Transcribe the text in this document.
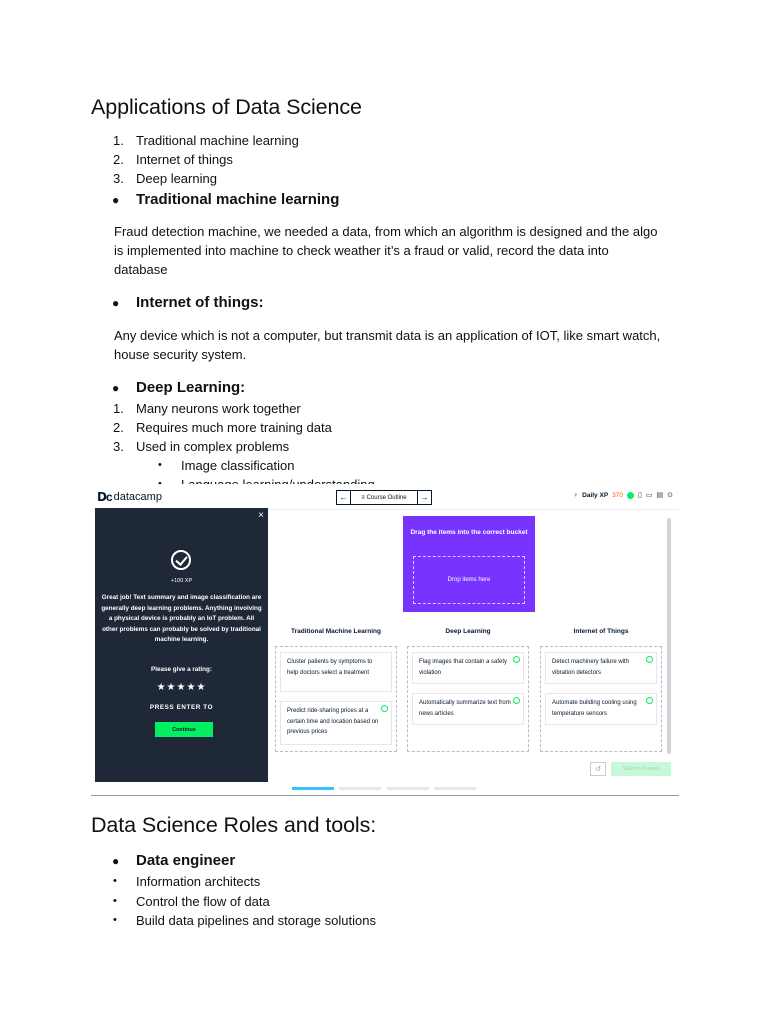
Applications of Data Science
1. Traditional machine learning
2. Internet of things
3. Deep learning
●	Traditional machine learning
Fraud detection machine, we needed a data, from which an algorithm is designed and the algo is implemented into machine to check weather it’s a fraud or valid, record the data into database
●	Internet of things:
Any device which is not a computer, but transmit data is an application of IOT, like smart watch, house security system.
●	Deep Learning:
1. Many neurons work together
2. Requires much more training data
3. Used in complex problems
•	Image classification
Ⅾc datacamp	←	≡ Course Outline	→	♀ Daily XP 370 ▯ ▭ ▤ ⊙
×
+100 XP
Great job! Text summary and image classification are generally deep learning problems. Anything involving a physical device is probably an IoT problem. All other problems can probably be solved by traditional machine learning.
Please give a rating:
★★★★★
PRESS ENTER TO
Continue
Drag the items into the correct bucket
Drop items here
Traditional Machine Learning	Deep Learning	Internet of Things
Cluster patients by symptoms to help doctors select a treatment
Predict ride-sharing prices at a certain time and location based on previous prices
Flag images that contain a safety violation
Automatically summarize text from news articles
Detect machinery failure with vibration detectors
Automate building cooling using temperature sensors
↺	Submit Answer
Data Science Roles and tools:
●	Data engineer
•	Information architects
•	Control the flow of data
•	Build data pipelines and storage solutions
